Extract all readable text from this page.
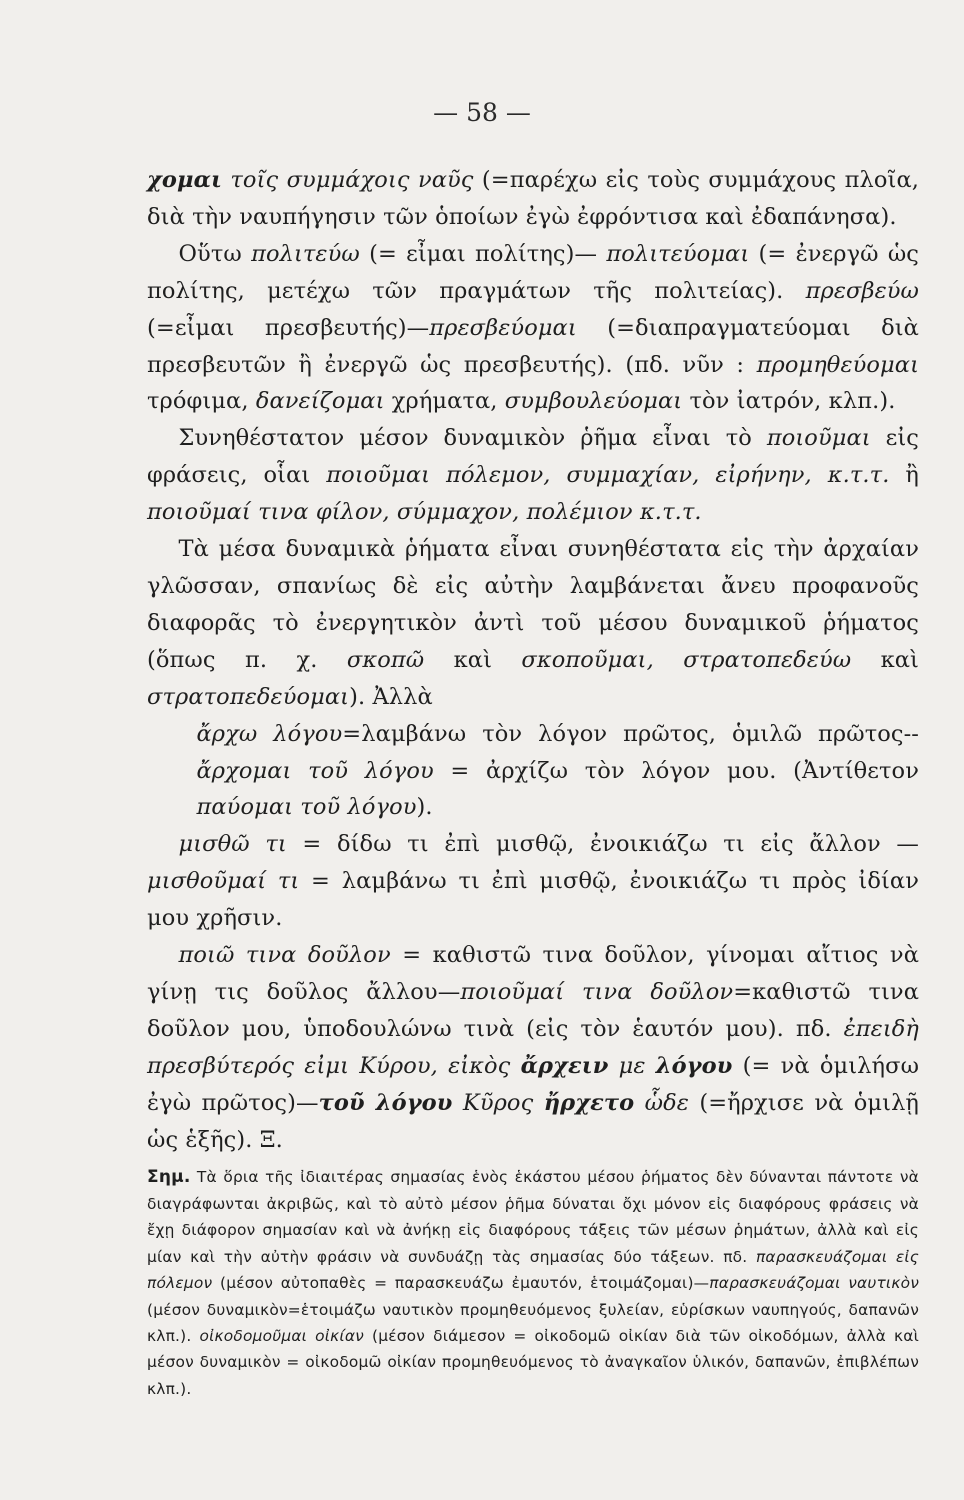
— 58 —

χομαι τοῖς συμμάχοις ναῦς (=παρέχω εἰς τοὺς συμμάχους πλοῖα, διὰ τὴν ναυπήγησιν τῶν ὁποίων ἐγὼ ἐφρόντισα καὶ ἐδαπάνησα).

Οὕτω πολιτεύω (= εἶμαι πολίτης)— πολιτεύομαι (= ἐνεργῶ ὡς πολίτης, μετέχω τῶν πραγμάτων τῆς πολιτείας). πρεσβεύω (=εἶμαι πρεσβευτής)—πρεσβεύομαι (=διαπραγματεύομαι διὰ πρεσβευτῶν ἢ ἐνεργῶ ὡς πρεσβευτής). (πδ. νῦν : προμηθεύομαι τρόφιμα, δανείζομαι χρήματα, συμβουλεύομαι τὸν ἰατρόν, κλπ.).

Συνηθέστατον μέσον δυναμικὸν ῥῆμα εἶναι τὸ ποιοῦμαι εἰς φράσεις, οἷαι ποιοῦμαι πόλεμον, συμμαχίαν, εἰρήνην, κ.τ.τ. ἢ ποιοῦμαί τινα φίλον, σύμμαχον, πολέμιον κ.τ.τ.

Τὰ μέσα δυναμικὰ ῥήματα εἶναι συνηθέστατα εἰς τὴν ἀρχαίαν γλῶσσαν, σπανίως δὲ εἰς αὐτὴν λαμβάνεται ἄνευ προφανοῦς διαφορᾶς τὸ ἐνεργητικὸν ἀντὶ τοῦ μέσου δυναμικοῦ ῥήματος (ὅπως π. χ. σκοπῶ καὶ σκοποῦμαι, στρατοπεδεύω καὶ στρατοπεδεύομαι). Ἀλλὰ

ἄρχω λόγου=λαμβάνω τὸν λόγον πρῶτος, ὁμιλῶ πρῶτος--ἄρχομαι τοῦ λόγου = ἀρχίζω τὸν λόγον μου. (Ἀντίθετον παύομαι τοῦ λόγου).

μισθῶ τι = δίδω τι ἐπὶ μισθῷ, ἐνοικιάζω τι εἰς ἄλλον — μισθοῦμαί τι = λαμβάνω τι ἐπὶ μισθῷ, ἐνοικιάζω τι πρὸς ἰδίαν μου χρῆσιν.

ποιῶ τινα δοῦλον = καθιστῶ τινα δοῦλον, γίνομαι αἴτιος νὰ γίνῃ τις δοῦλος ἄλλου—ποιοῦμαί τινα δοῦλον=καθιστῶ τινα δοῦλον μου, ὑποδουλώνω τινὰ (εἰς τὸν ἑαυτόν μου). πδ. ἐπειδὴ πρεσβύτερός εἰμι Κύρου, εἰκὸς ἄρχειν με λόγου (= νὰ ὁμιλήσω ἐγὼ πρῶτος)—τοῦ λόγου Κῦρος ἤρχετο ὧδε (=ἤρχισε νὰ ὁμιλῇ ὡς ἑξῆς). Ξ.

Σημ. Τὰ ὅρια τῆς ἰδιαιτέρας σημασίας ἑνὸς ἑκάστου μέσου ῥήματος δὲν δύνανται πάντοτε νὰ διαγράφωνται ἀκριβῶς, καὶ τὸ αὐτὸ μέσον ῥῆμα δύναται ὄχι μόνον εἰς διαφόρους φράσεις νὰ ἔχῃ διάφορον σημασίαν καὶ νὰ ἀνήκῃ εἰς διαφόρους τάξεις τῶν μέσων ῥημάτων, ἀλλὰ καὶ εἰς μίαν καὶ τὴν αὐτὴν φράσιν νὰ συνδυάζῃ τὰς σημασίας δύο τάξεων. πδ. παρασκευάζομαι εἰς πόλεμον (μέσον αὐτοπαθὲς = παρασκευάζω ἐμαυτόν, ἑτοιμάζομαι)—παρασκευάζομαι ναυτικὸν (μέσον δυναμικὸν=ἑτοιμάζω ναυτικὸν προμηθευόμενος ξυλείαν, εὑρίσκων ναυπηγούς, δαπανῶν κλπ.). οἰκοδομοῦμαι οἰκίαν (μέσον διάμεσον = οἰκοδομῶ οἰκίαν διὰ τῶν οἰκοδόμων, ἀλλὰ καὶ μέσον δυναμικὸν = οἰκοδομῶ οἰκίαν προμηθευόμενος τὸ ἀναγκαῖον ὑλικόν, δαπανῶν, ἐπιβλέπων κλπ.).
